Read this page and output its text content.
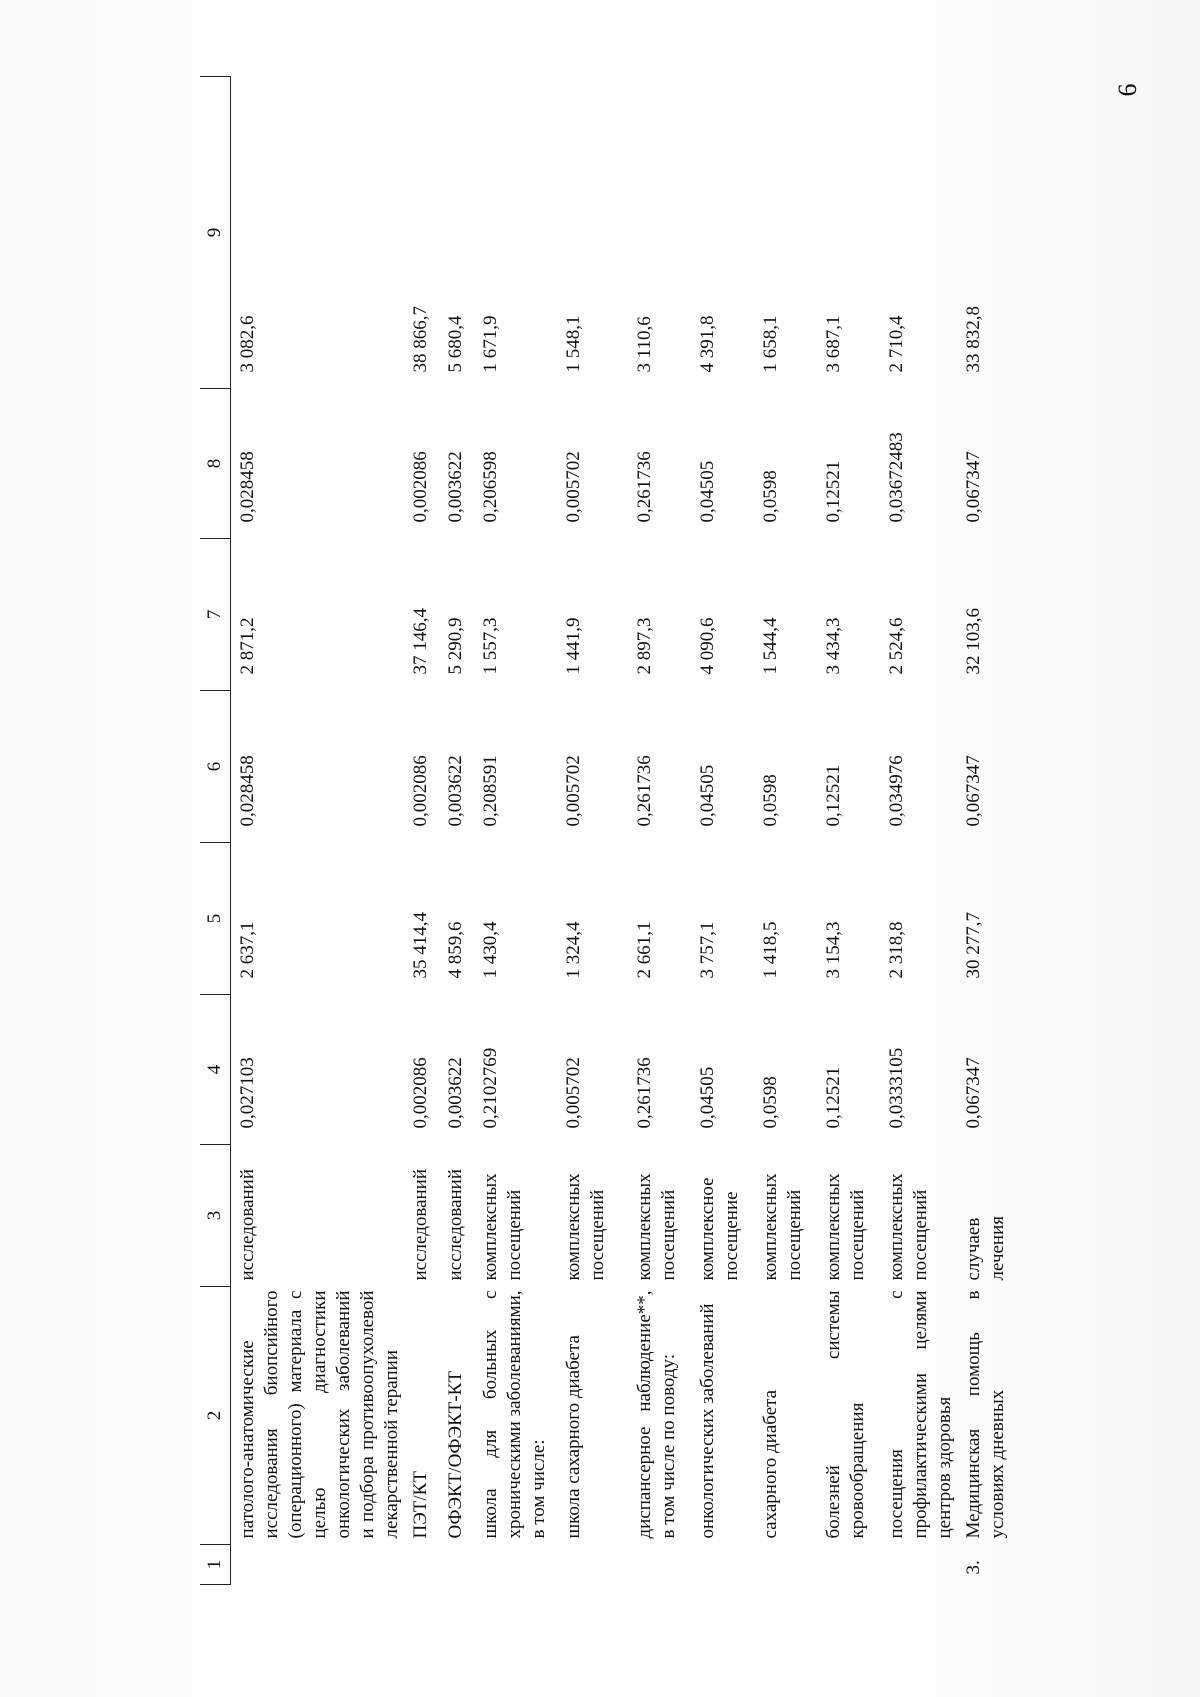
6
1	2	3	4	5	6	7	8	9
	патолого-анатомические исследования биопсийного (операционного) материала с целью диагностики онкологических заболеваний и подбора противоопухолевой лекарственной терапии	исследований	0,027103	2 637,1	0,028458	2 871,2	0,028458	3 082,6
	ПЭТ/КТ	исследований	0,002086	35 414,4	0,002086	37 146,4	0,002086	38 866,7
	ОФЭКТ/ОФЭКТ-КТ	исследований	0,003622	4 859,6	0,003622	5 290,9	0,003622	5 680,4
	школа для больных с хроническими заболеваниями, в том числе:	комплексных посещений	0,2102769	1 430,4	0,208591	1 557,3	0,206598	1 671,9
	школа сахарного диабета	комплексных посещений	0,005702	1 324,4	0,005702	1 441,9	0,005702	1 548,1
	диспансерное наблюдение**, в том числе по поводу:	комплексных посещений	0,261736	2 661,1	0,261736	2 897,3	0,261736	3 110,6
	онкологических заболеваний	комплексное посещение	0,04505	3 757,1	0,04505	4 090,6	0,04505	4 391,8
	сахарного диабета	комплексных посещений	0,0598	1 418,5	0,0598	1 544,4	0,0598	1 658,1
	болезней системы кровообращения	комплексных посещений	0,12521	3 154,3	0,12521	3 434,3	0,12521	3 687,1
	посещения с профилактическими целями центров здоровья	комплексных посещений	0,0333105	2 318,8	0,034976	2 524,6	0,03672483	2 710,4
3.	Медицинская помощь в условиях дневных	случаев лечения	0,067347	30 277,7	0,067347	32 103,6	0,067347	33 832,8
